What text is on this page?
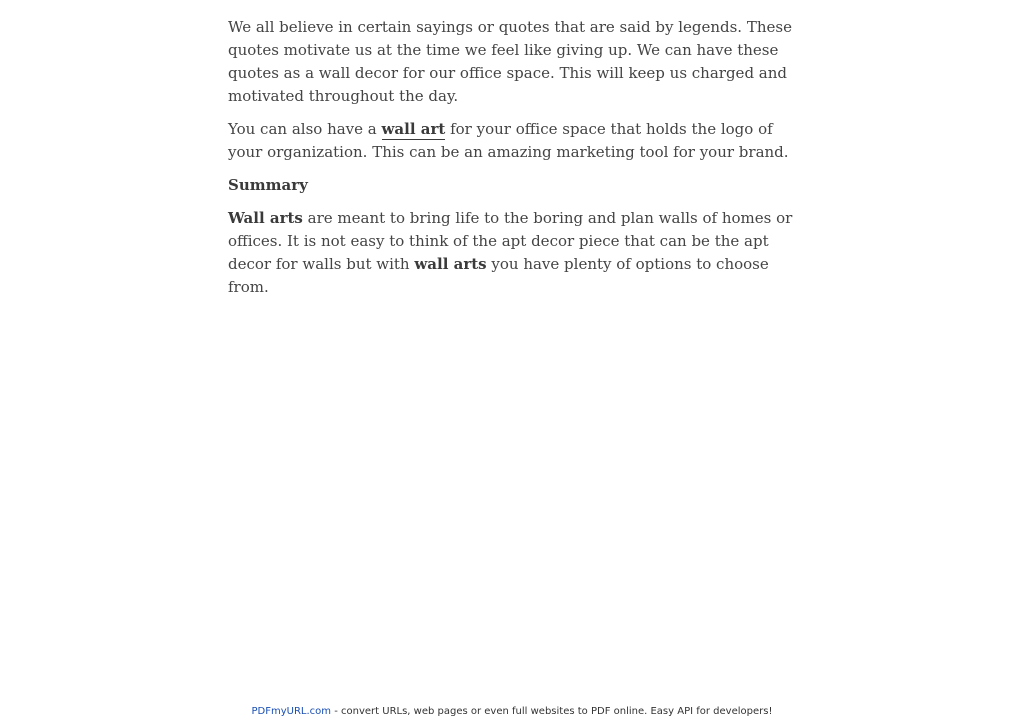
We all believe in certain sayings or quotes that are said by legends. These quotes motivate us at the time we feel like giving up. We can have these quotes as a wall decor for our office space. This will keep us charged and motivated throughout the day.

You can also have a wall art for your office space that holds the logo of your organization. This can be an amazing marketing tool for your brand.

Summary

Wall arts are meant to bring life to the boring and plan walls of homes or offices. It is not easy to think of the apt decor piece that can be the apt decor for walls but with wall arts you have plenty of options to choose from.

PDFmyURL.com - convert URLs, web pages or even full websites to PDF online. Easy API for developers!
